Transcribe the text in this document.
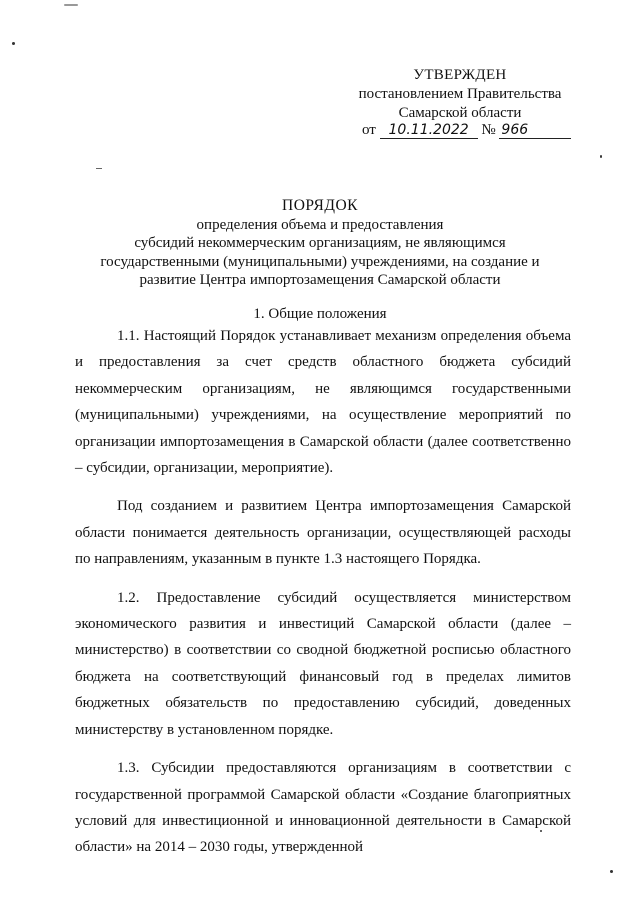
УТВЕРЖДЕН
постановлением Правительства
Самарской области
от 10.11.2022 № 966
ПОРЯДОК
определения объема и предоставления
субсидий некоммерческим организациям, не являющимся
государственными (муниципальными) учреждениями, на создание и
развитие Центра импортозамещения Самарской области
1. Общие положения

1.1. Настоящий Порядок устанавливает механизм определения объема и предоставления за счет средств областного бюджета субсидий некоммерческим организациям, не являющимся государственными (муниципальными) учреждениями, на осуществление мероприятий по организации импортозамещения в Самарской области (далее соответственно – субсидии, организации, мероприятие).

Под созданием и развитием Центра импортозамещения Самарской области понимается деятельность организации, осуществляющей расходы по направлениям, указанным в пункте 1.3 настоящего Порядка.

1.2. Предоставление субсидий осуществляется министерством экономического развития и инвестиций Самарской области (далее – министерство) в соответствии со сводной бюджетной росписью областного бюджета на соответствующий финансовый год в пределах лимитов бюджетных обязательств по предоставлению субсидий, доведенных министерству в установленном порядке.

1.3. Субсидии предоставляются организациям в соответствии с государственной программой Самарской области «Создание благоприятных условий для инвестиционной и инновационной деятельности в Самарской области» на 2014 – 2030 годы, утвержденной
